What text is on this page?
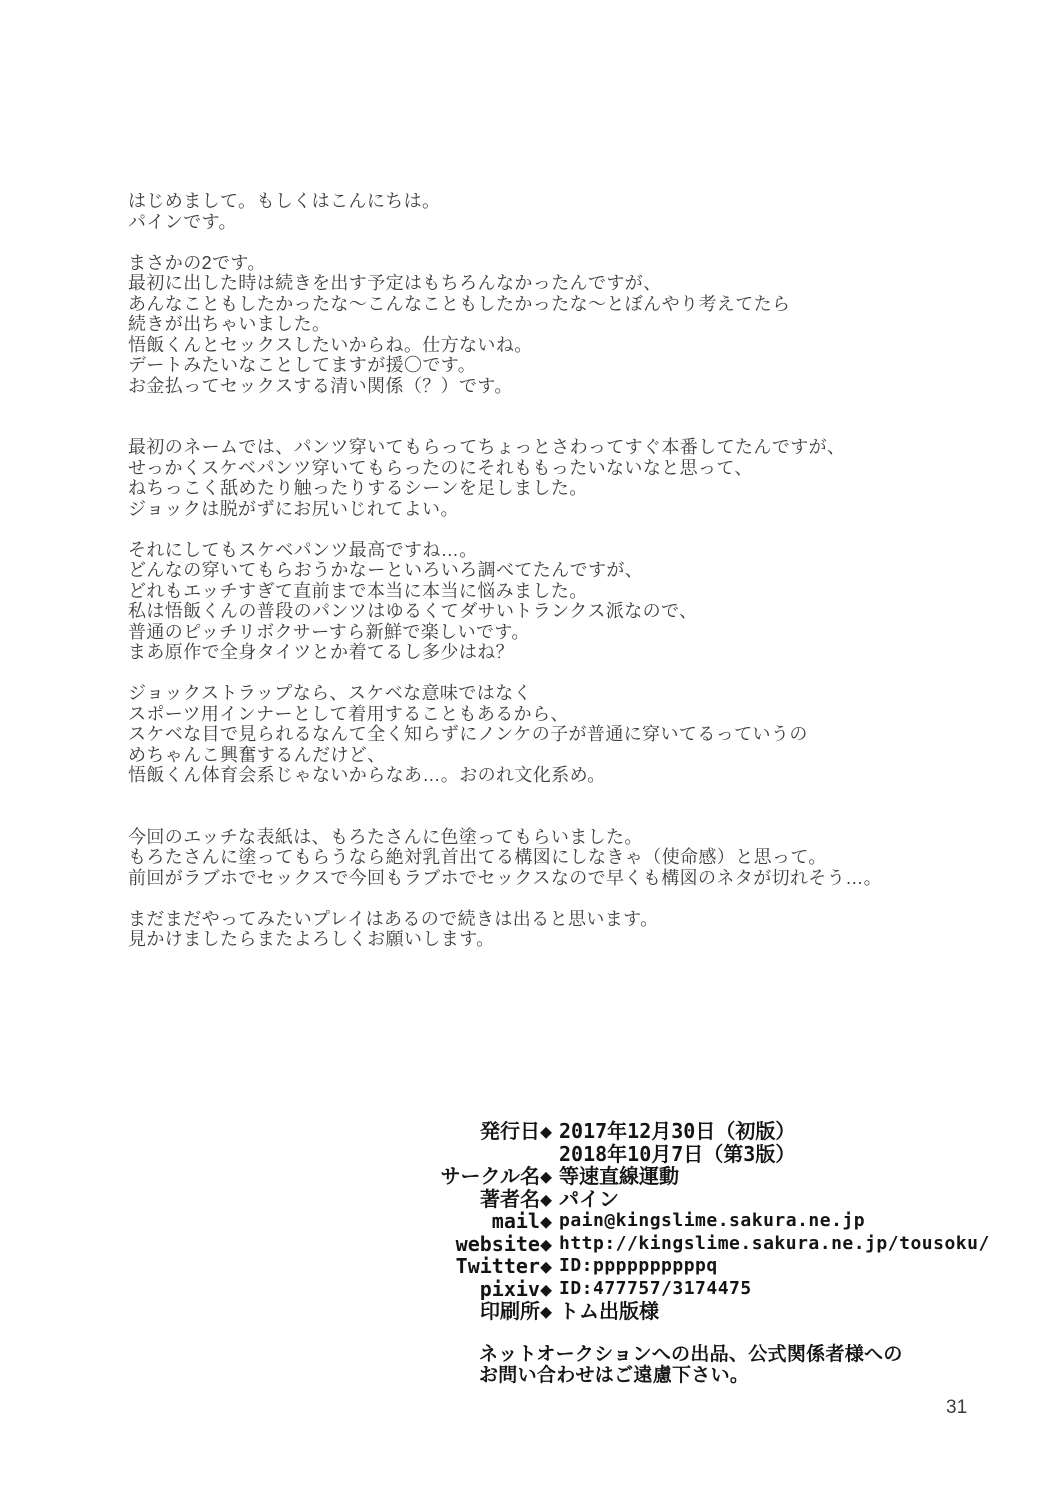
はじめまして。もしくはこんにちは。
パインです。
まさかの2です。
最初に出した時は続きを出す予定はもちろんなかったんですが、
あんなこともしたかったな～こんなこともしたかったな～とぼんやり考えてたら
続きが出ちゃいました。
悟飯くんとセックスしたいからね。仕方ないね。
デートみたいなことしてますが援〇です。
お金払ってセックスする清い関係（？）です。
最初のネームでは、パンツ穿いてもらってちょっとさわってすぐ本番してたんですが、
せっかくスケベパンツ穿いてもらったのにそれももったいないなと思って、
ねちっこく舐めたり触ったりするシーンを足しました。
ジョックは脱がずにお尻いじれてよい。
それにしてもスケベパンツ最高ですね…。
どんなの穿いてもらおうかなーといろいろ調べてたんですが、
どれもエッチすぎて直前まで本当に本当に悩みました。
私は悟飯くんの普段のパンツはゆるくてダサいトランクス派なので、
普通のピッチリボクサーすら新鮮で楽しいです。
まあ原作で全身タイツとか着てるし多少はね？
ジョックストラップなら、スケベな意味ではなく
スポーツ用インナーとして着用することもあるから、
スケベな目で見られるなんて全く知らずにノンケの子が普通に穿いてるっていうの
めちゃんこ興奮するんだけど、
悟飯くん体育会系じゃないからなあ…。おのれ文化系め。
今回のエッチな表紙は、もろたさんに色塗ってもらいました。
もろたさんに塗ってもらうなら絶対乳首出てる構図にしなきゃ（使命感）と思って。
前回がラブホでセックスで今回もラブホでセックスなので早くも構図のネタが切れそう…。
まだまだやってみたいプレイはあるので続きは出ると思います。
見かけましたらまたよろしくお願いします。
発行日◆ 2017年12月30日（初版）
2018年10月7日（第3版）
サークル名◆ 等速直線運動
著者名◆ パイン
mail◆ pain@kingslime.sakura.ne.jp
website◆ http://kingslime.sakura.ne.jp/tousoku/
Twitter◆ ID:ppppppppppq
pixiv◆ ID:477757/3174475
印刷所◆ トム出版様
ネットオークションへの出品、公式関係者様への
お問い合わせはご遠慮下さい。
31
